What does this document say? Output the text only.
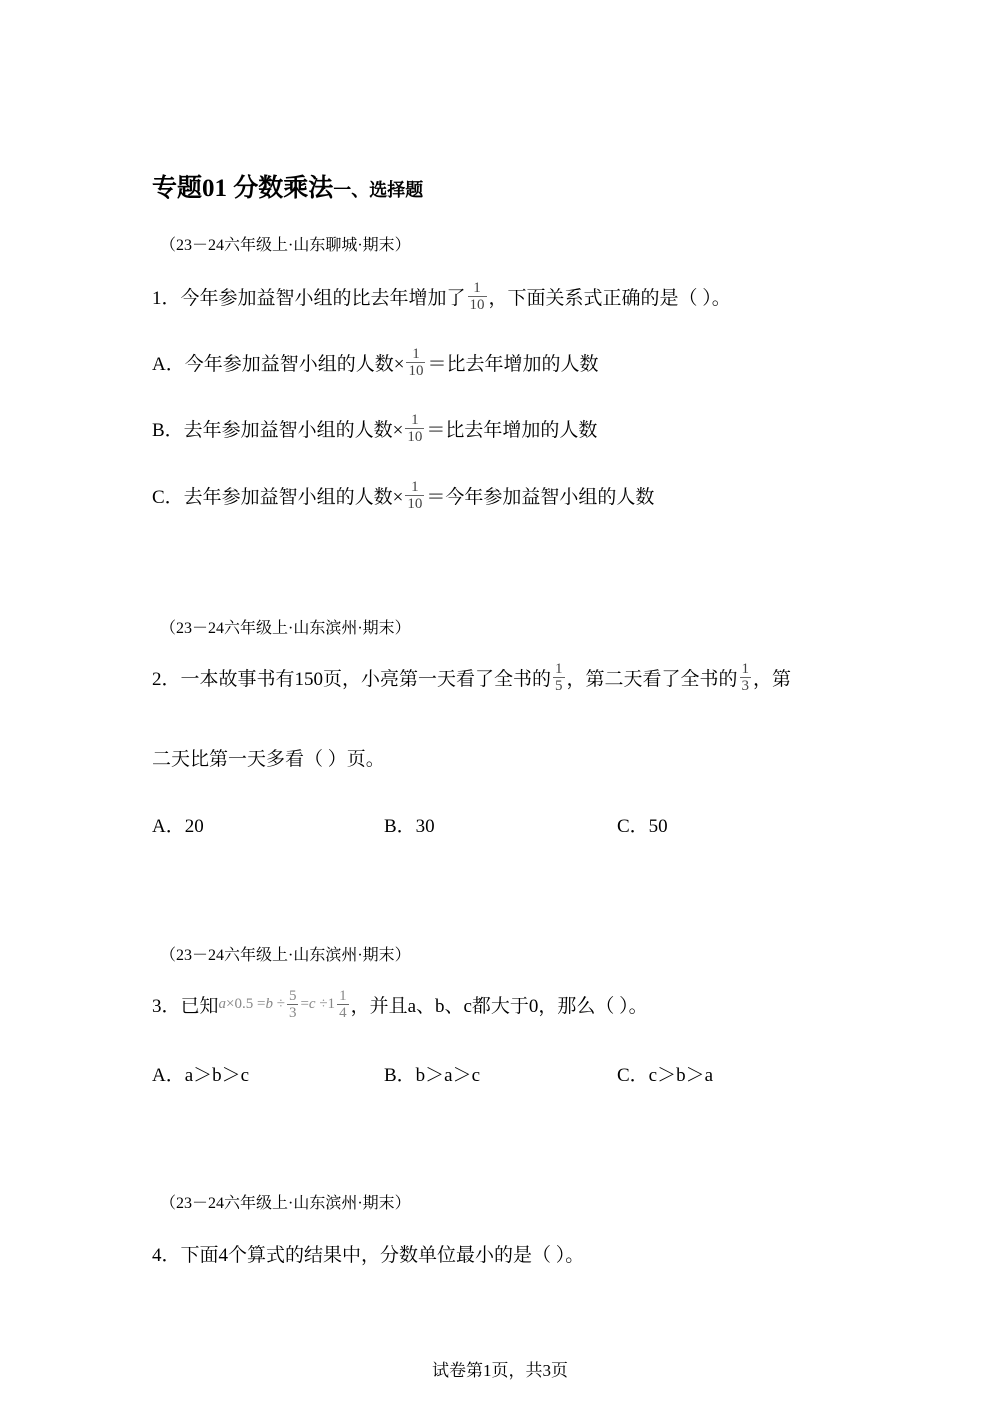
专题01 分数乘法一、选择题
（23－24六年级上·山东聊城·期末）
1．今年参加益智小组的比去年增加了 $\frac{1}{10}$ ，下面关系式正确的是（ ）。
A．今年参加益智小组的人数× $\frac{1}{10}$ ＝比去年增加的人数
B．去年参加益智小组的人数× $\frac{1}{10}$ ＝比去年增加的人数
C．去年参加益智小组的人数× $\frac{1}{10}$ ＝今年参加益智小组的人数
（23－24六年级上·山东滨州·期末）
2．一本故事书有150页，小亮第一天看了全书的 $\frac{1}{5}$ ，第二天看了全书的 $\frac{1}{3}$ ，第
二天比第一天多看（ ）页。
A．20	B．30	C．50
（23－24六年级上·山东滨州·期末）
3．已知 a ×0.5
= b
÷ $\frac{5}{3} = c$
$\div 1 \frac{1}{4}$ ，并且a、b、c都大于0，那么（ ）。
A．a＞b＞c	B．b＞a＞c	C．c＞b＞a
（23－24六年级上·山东滨州·期末）
4．下面4个算式的结果中，分数单位最小的是（ ）。
试卷第1页，共3页
